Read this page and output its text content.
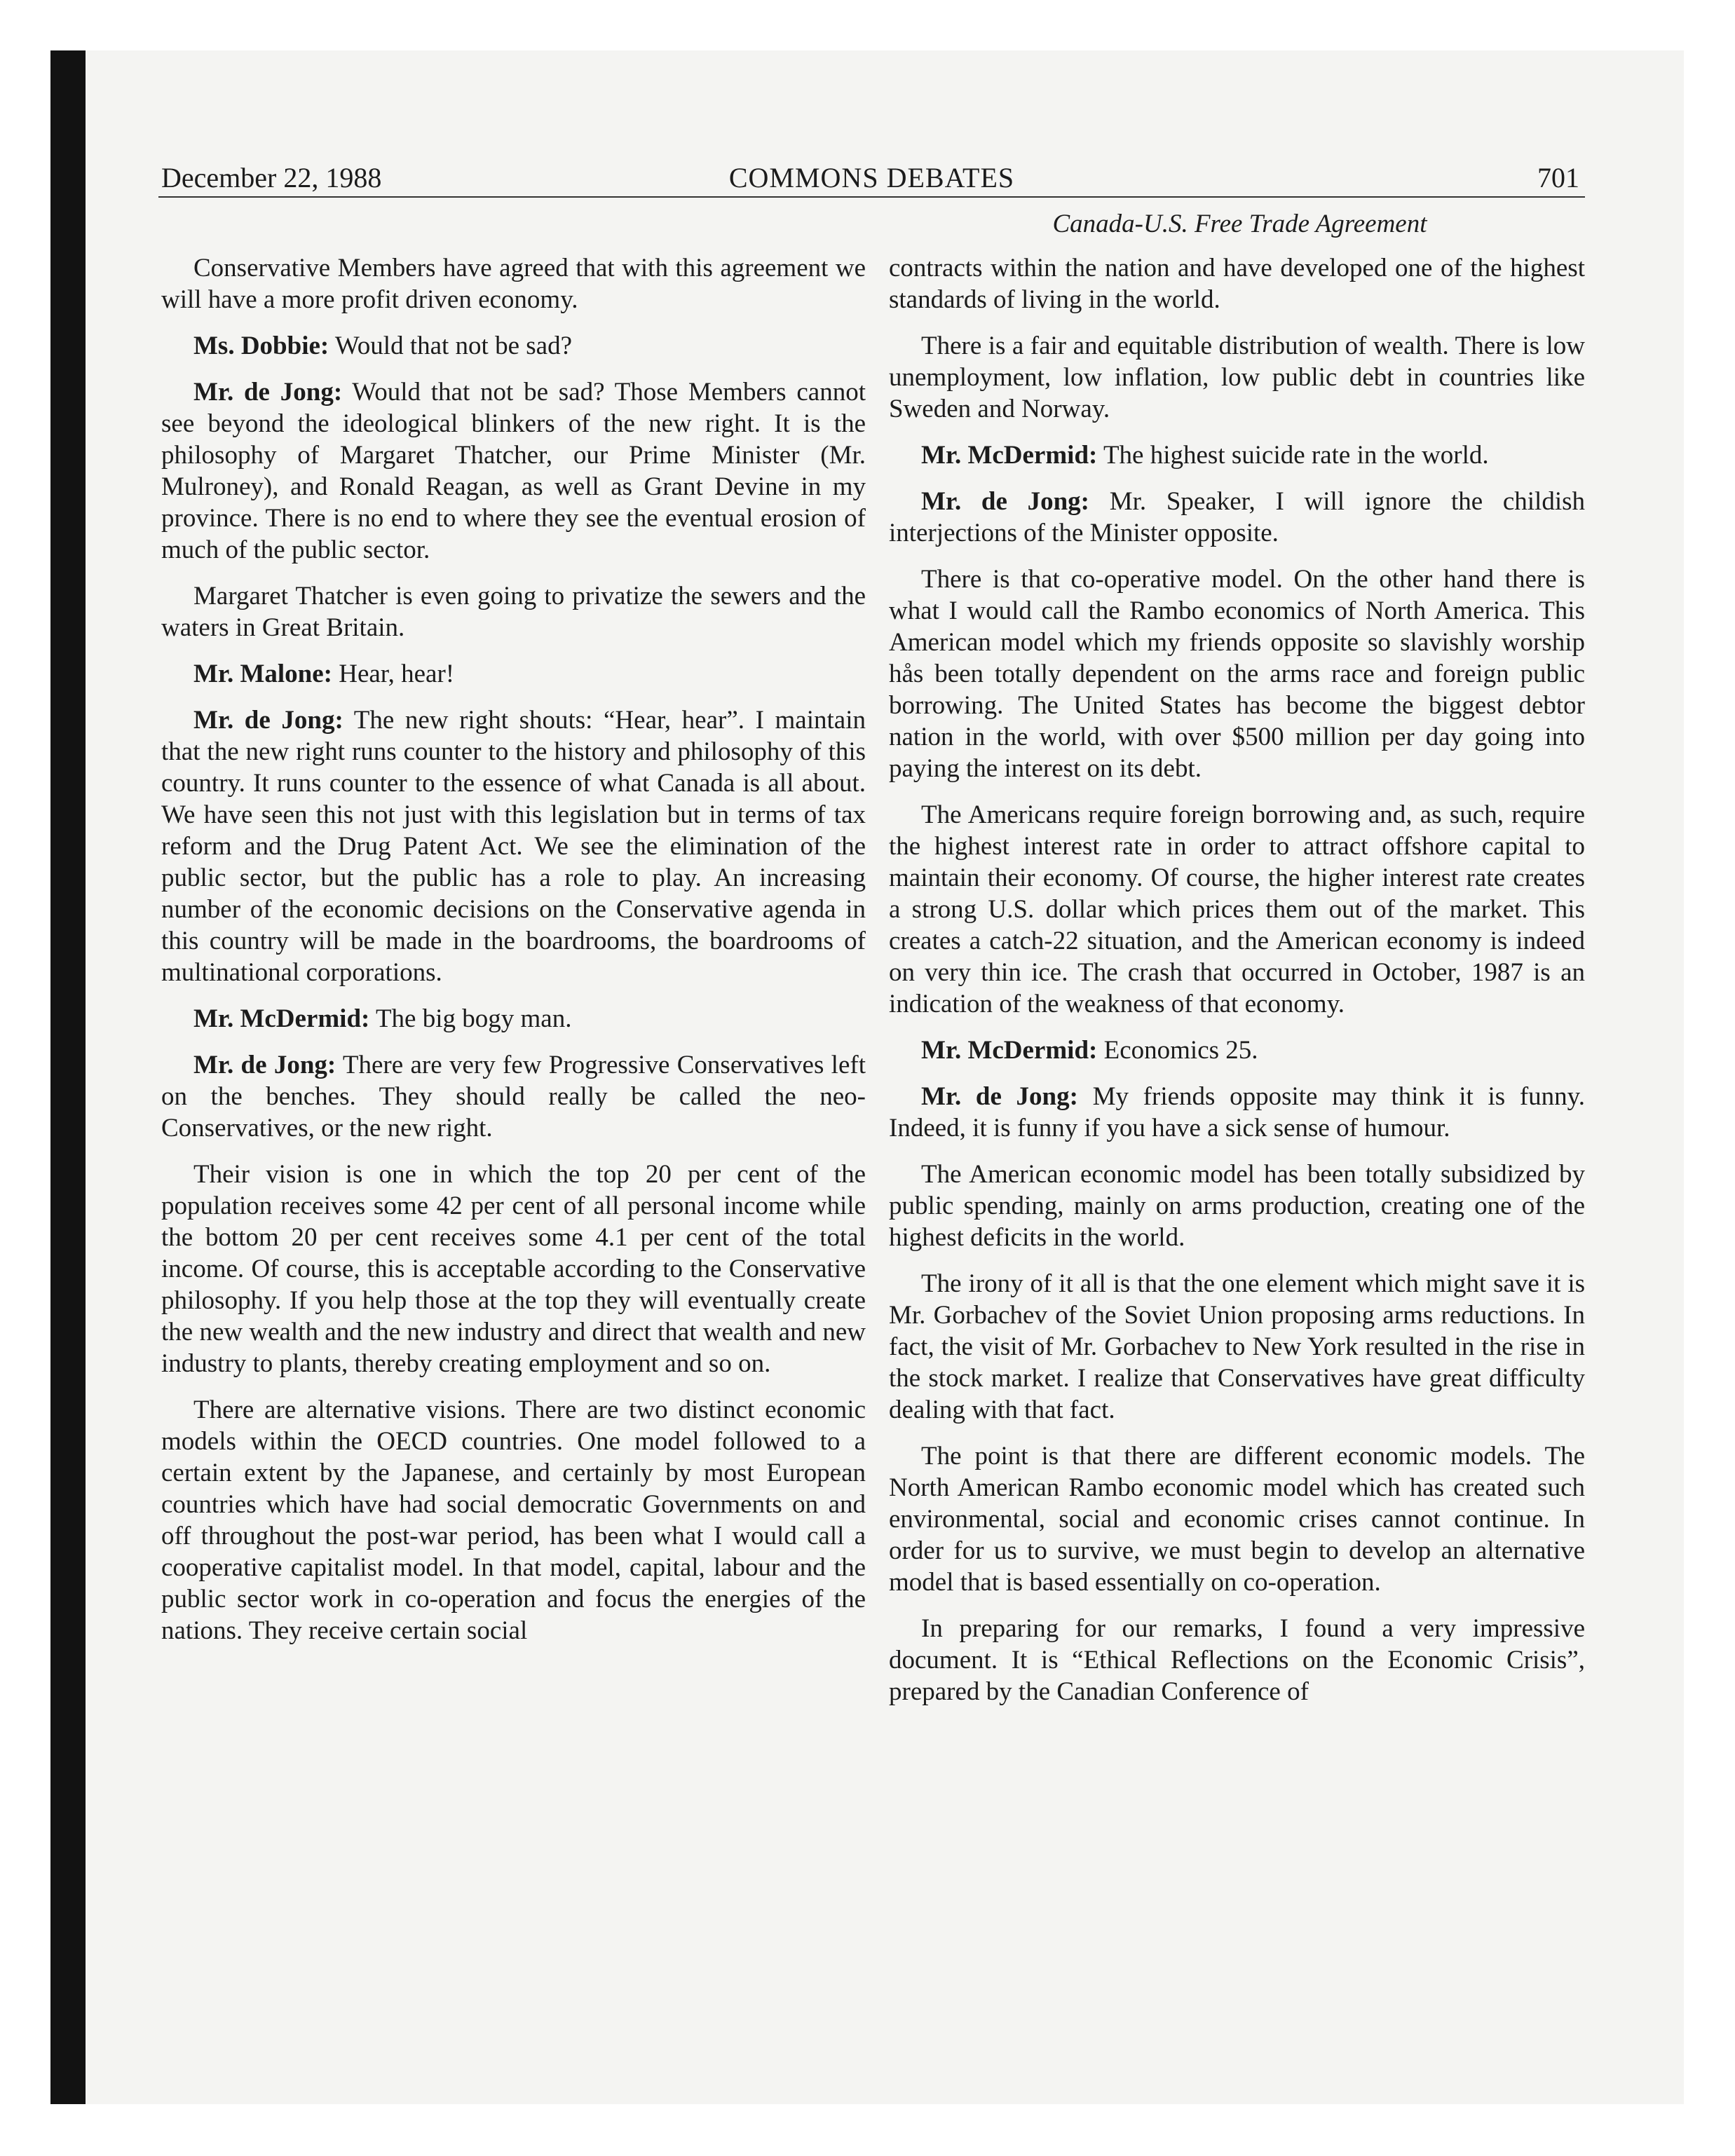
December 22, 1988	COMMONS DEBATES	701
Canada-U.S. Free Trade Agreement

Conservative Members have agreed that with this agreement we will have a more profit driven economy.

Ms. Dobbie: Would that not be sad?

Mr. de Jong: Would that not be sad? Those Members cannot see beyond the ideological blinkers of the new right. It is the philosophy of Margaret Thatcher, our Prime Minister (Mr. Mulroney), and Ronald Reagan, as well as Grant Devine in my province. There is no end to where they see the eventual erosion of much of the public sector.

Margaret Thatcher is even going to privatize the sewers and the waters in Great Britain.

Mr. Malone: Hear, hear!

Mr. de Jong: The new right shouts: “Hear, hear”. I maintain that the new right runs counter to the history and philosophy of this country. It runs counter to the essence of what Canada is all about. We have seen this not just with this legislation but in terms of tax reform and the Drug Patent Act. We see the elimination of the public sector, but the public has a role to play. An increasing number of the economic decisions on the Conservative agenda in this country will be made in the boardrooms, the boardrooms of multinational corporations.

Mr. McDermid: The big bogy man.

Mr. de Jong: There are very few Progressive Conservatives left on the benches. They should really be called the neo-Conservatives, or the new right.

Their vision is one in which the top 20 per cent of the population receives some 42 per cent of all personal income while the bottom 20 per cent receives some 4.1 per cent of the total income. Of course, this is acceptable according to the Conservative philosophy. If you help those at the top they will eventually create the new wealth and the new industry and direct that wealth and new industry to plants, thereby creating employment and so on.

There are alternative visions. There are two distinct economic models within the OECD countries. One model followed to a certain extent by the Japanese, and certainly by most European countries which have had social democratic Governments on and off throughout the post-war period, has been what I would call a cooperative capitalist model. In that model, capital, labour and the public sector work in co-operation and focus the energies of the nations. They receive certain social

contracts within the nation and have developed one of the highest standards of living in the world.

There is a fair and equitable distribution of wealth. There is low unemployment, low inflation, low public debt in countries like Sweden and Norway.

Mr. McDermid: The highest suicide rate in the world.

Mr. de Jong: Mr. Speaker, I will ignore the childish interjections of the Minister opposite.

There is that co-operative model. On the other hand there is what I would call the Rambo economics of North America. This American model which my friends opposite so slavishly worship hås been totally dependent on the arms race and foreign public borrowing. The United States has become the biggest debtor nation in the world, with over $500 million per day going into paying the interest on its debt.

The Americans require foreign borrowing and, as such, require the highest interest rate in order to attract offshore capital to maintain their economy. Of course, the higher interest rate creates a strong U.S. dollar which prices them out of the market. This creates a catch-22 situation, and the American economy is indeed on very thin ice. The crash that occurred in October, 1987 is an indication of the weakness of that economy.

Mr. McDermid: Economics 25.

Mr. de Jong: My friends opposite may think it is funny. Indeed, it is funny if you have a sick sense of humour.

The American economic model has been totally subsidized by public spending, mainly on arms production, creating one of the highest deficits in the world.

The irony of it all is that the one element which might save it is Mr. Gorbachev of the Soviet Union proposing arms reductions. In fact, the visit of Mr. Gorbachev to New York resulted in the rise in the stock market. I realize that Conservatives have great difficulty dealing with that fact.

The point is that there are different economic models. The North American Rambo economic model which has created such environmental, social and economic crises cannot continue. In order for us to survive, we must begin to develop an alternative model that is based essentially on co-operation.

In preparing for our remarks, I found a very impressive document. It is “Ethical Reflections on the Economic Crisis”, prepared by the Canadian Conference of
